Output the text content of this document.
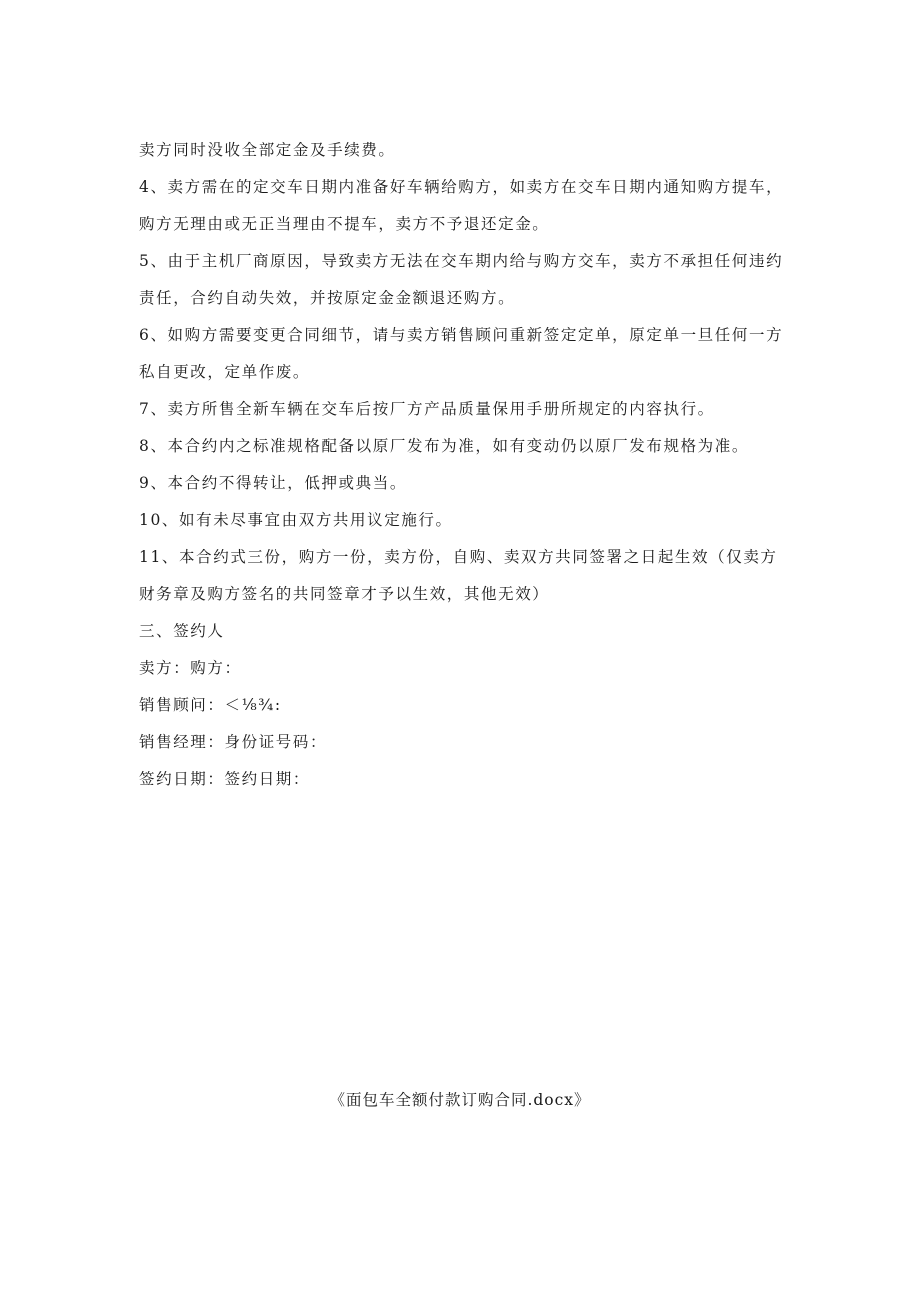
卖方同时没收全部定金及手续费。
4、卖方需在的定交车日期内准备好车辆给购方，如卖方在交车日期内通知购方提车，
购方无理由或无正当理由不提车，卖方不予退还定金。
5、由于主机厂商原因，导致卖方无法在交车期内给与购方交车，卖方不承担任何违约
责任，合约自动失效，并按原定金金额退还购方。
6、如购方需要变更合同细节，请与卖方销售顾问重新签定定单，原定单一旦任何一方
私自更改，定单作废。
7、卖方所售全新车辆在交车后按厂方产品质量保用手册所规定的内容执行。
8、本合约内之标准规格配备以原厂发布为准，如有变动仍以原厂发布规格为准。
9、本合约不得转让，低押或典当。
10、如有未尽事宜由双方共用议定施行。
11、本合约式三份，购方一份，卖方份，自购、卖双方共同签署之日起生效（仅卖方
财务章及购方签名的共同签章才予以生效，其他无效）
三、签约人
卖方：购方：
销售顾问：＜⅛¾:
销售经理：身份证号码：
签约日期：签约日期：
《面包车全额付款订购合同.docx》
